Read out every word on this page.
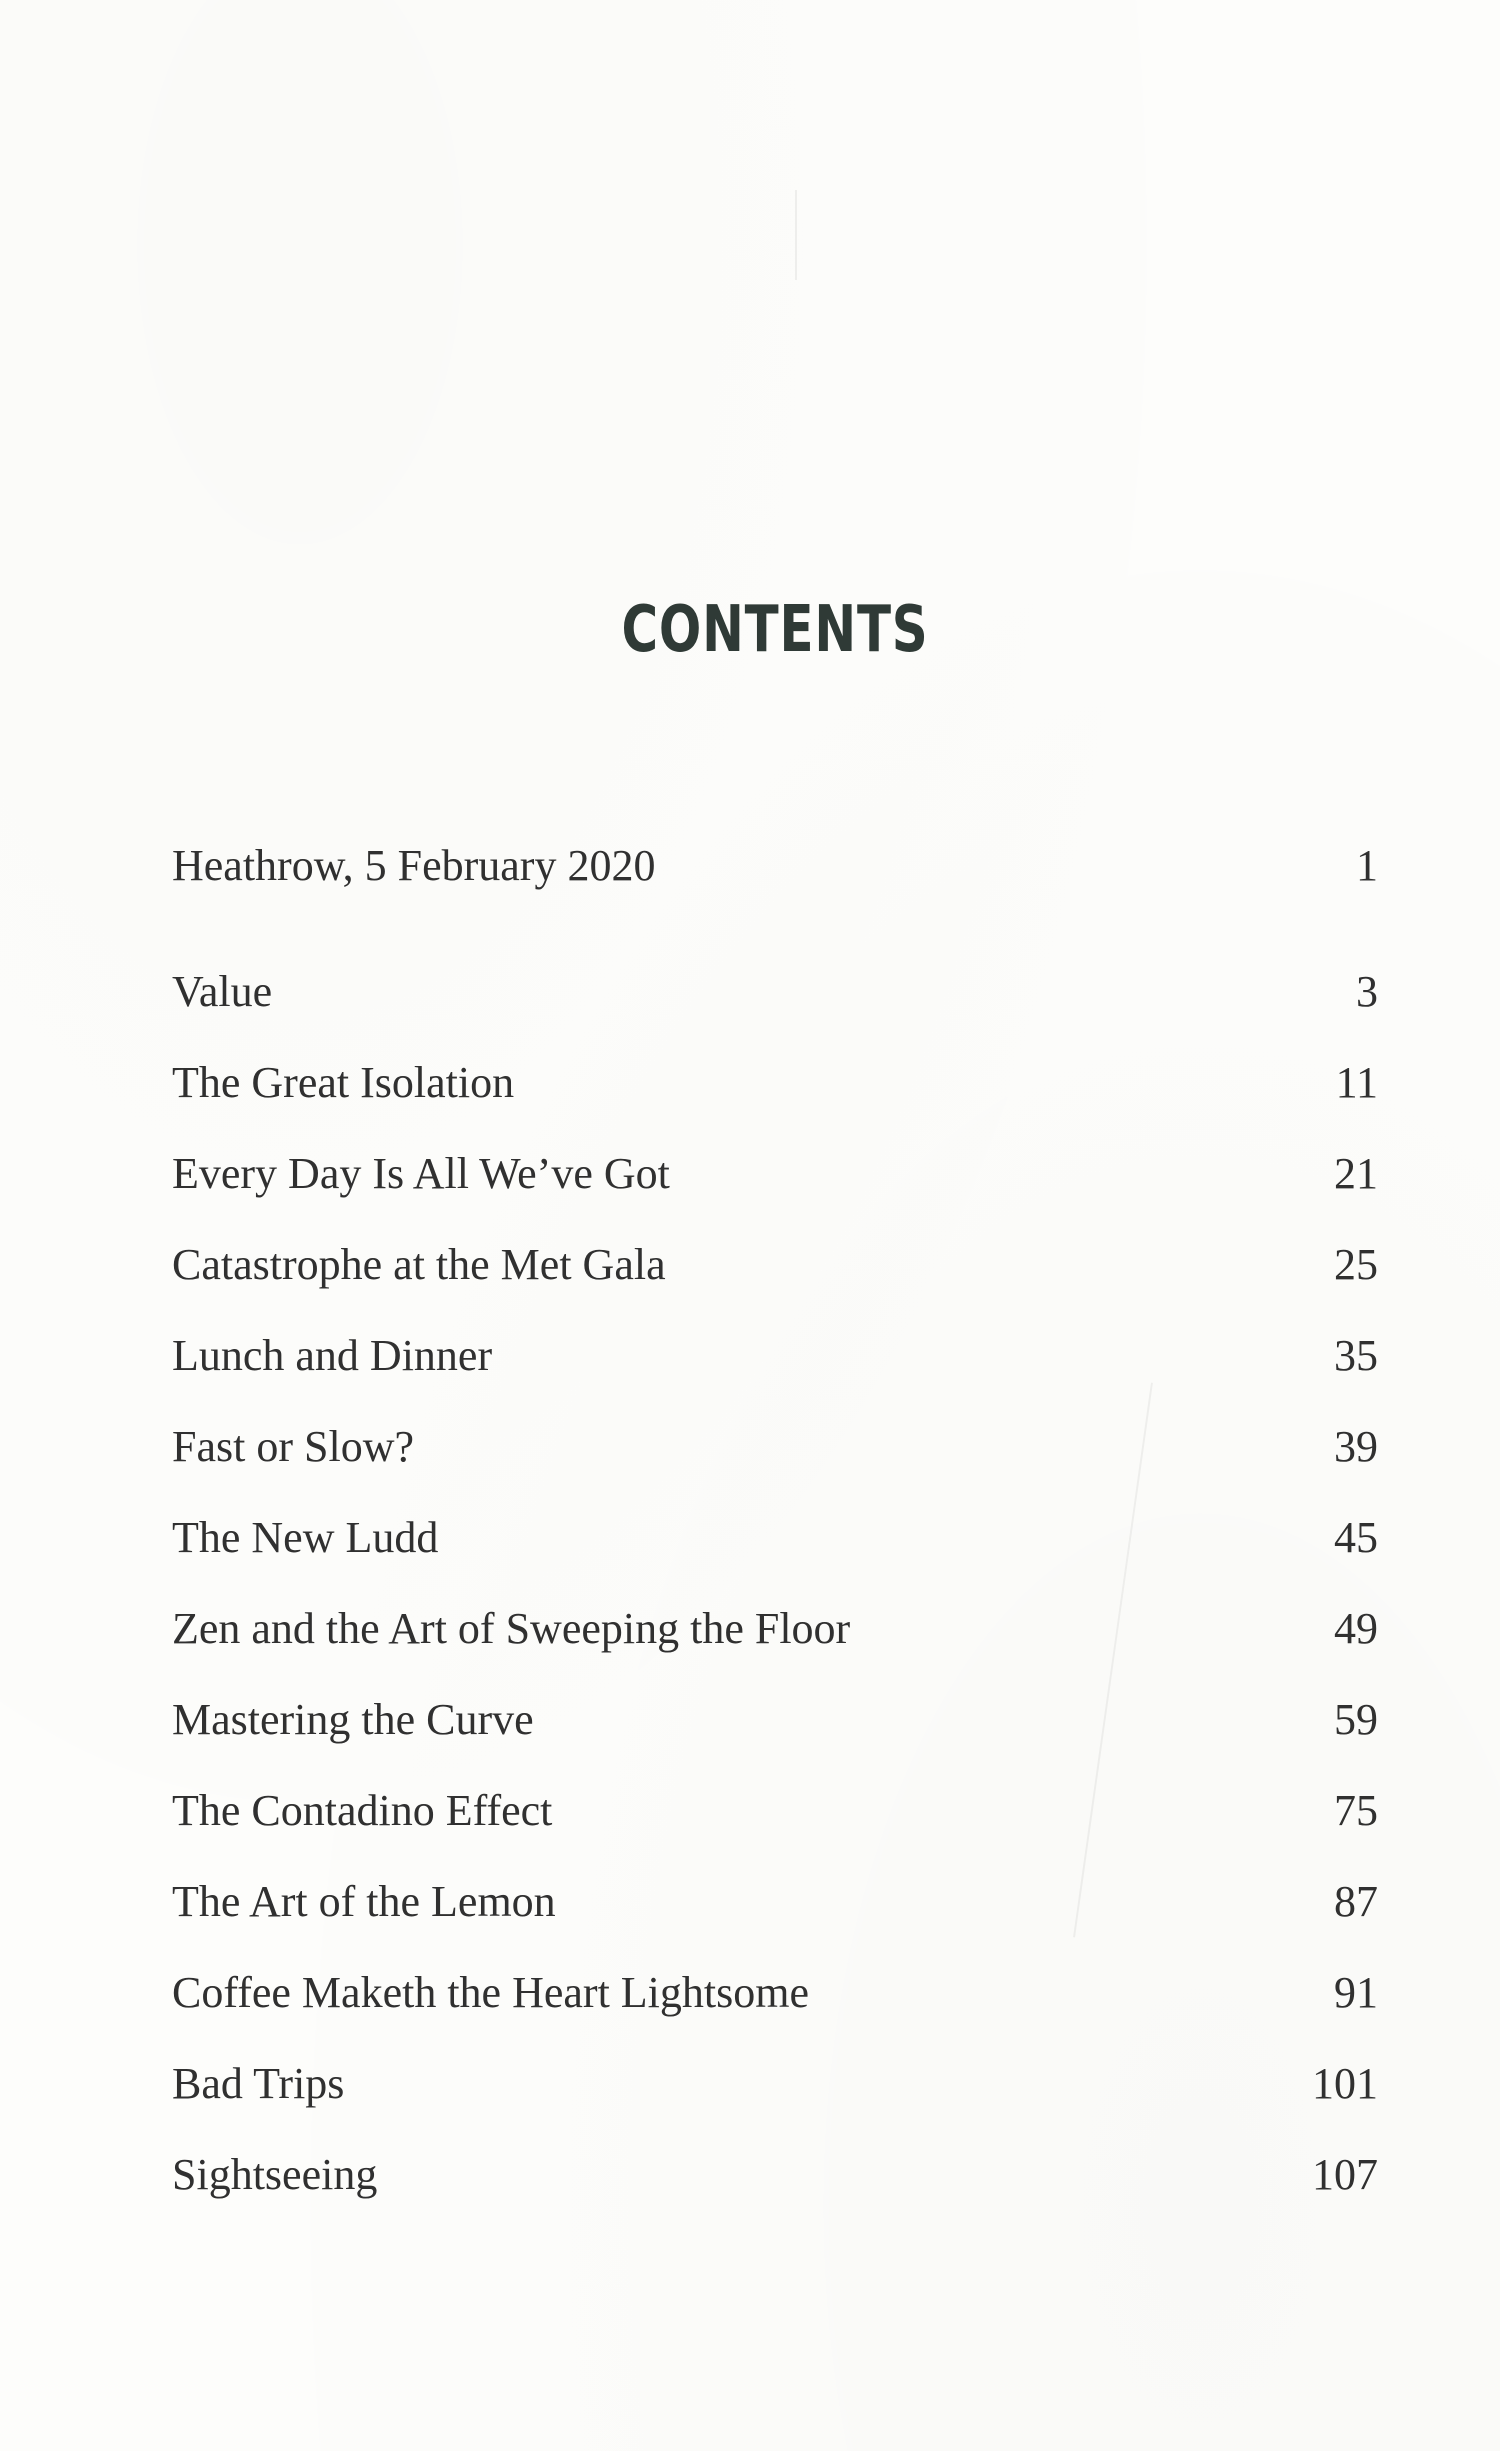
CONTENTS
Heathrow, 5 February 2020	1
Value	3
The Great Isolation	11
Every Day Is All We’ve Got	21
Catastrophe at the Met Gala	25
Lunch and Dinner	35
Fast or Slow?	39
The New Ludd	45
Zen and the Art of Sweeping the Floor	49
Mastering the Curve	59
The Contadino Effect	75
The Art of the Lemon	87
Coffee Maketh the Heart Lightsome	91
Bad Trips	101
Sightseeing	107
